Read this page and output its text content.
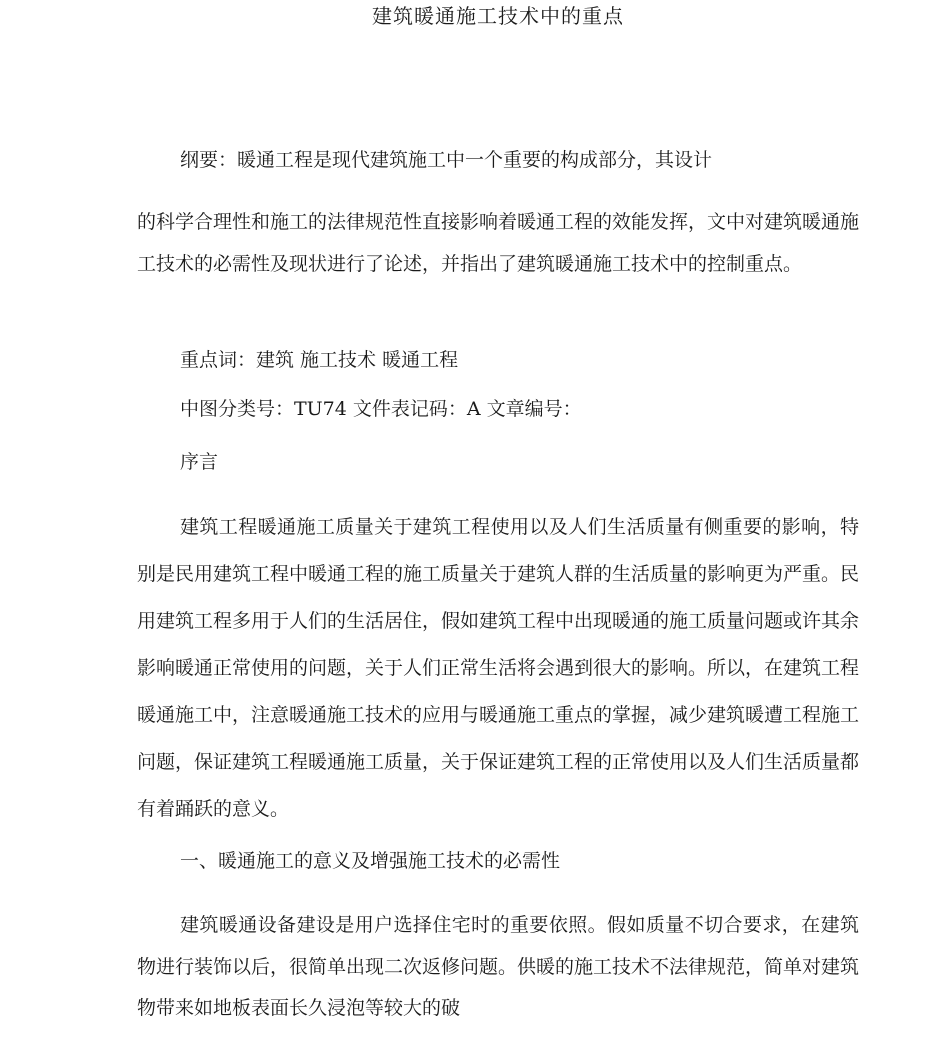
建筑暖通施工技术中的重点

纲要：暖通工程是现代建筑施工中一个重要的构成部分，其设计

的科学合理性和施工的法律规范性直接影响着暖通工程的效能发挥，文中对建筑暖通施工技术的必需性及现状进行了论述，并指出了建筑暖通施工技术中的控制重点。

重点词：建筑 施工技术 暖通工程

中图分类号：TU74 文件表记码：A 文章编号：

序言

建筑工程暖通施工质量关于建筑工程使用以及人们生活质量有侧重要的影响，特别是民用建筑工程中暖通工程的施工质量关于建筑人群的生活质量的影响更为严重。民用建筑工程多用于人们的生活居住，假如建筑工程中出现暖通的施工质量问题或许其余影响暖通正常使用的问题，关于人们正常生活将会遇到很大的影响。所以，在建筑工程暖通施工中，注意暖通施工技术的应用与暖通施工重点的掌握，减少建筑暖遭工程施工问题，保证建筑工程暖通施工质量，关于保证建筑工程的正常使用以及人们生活质量都有着踊跃的意义。

一、暖通施工的意义及增强施工技术的必需性

建筑暖通设备建设是用户选择住宅时的重要依照。假如质量不切合要求，在建筑物进行装饰以后，很简单出现二次返修问题。供暖的施工技术不法律规范，简单对建筑物带来如地板表面长久浸泡等较大的破
